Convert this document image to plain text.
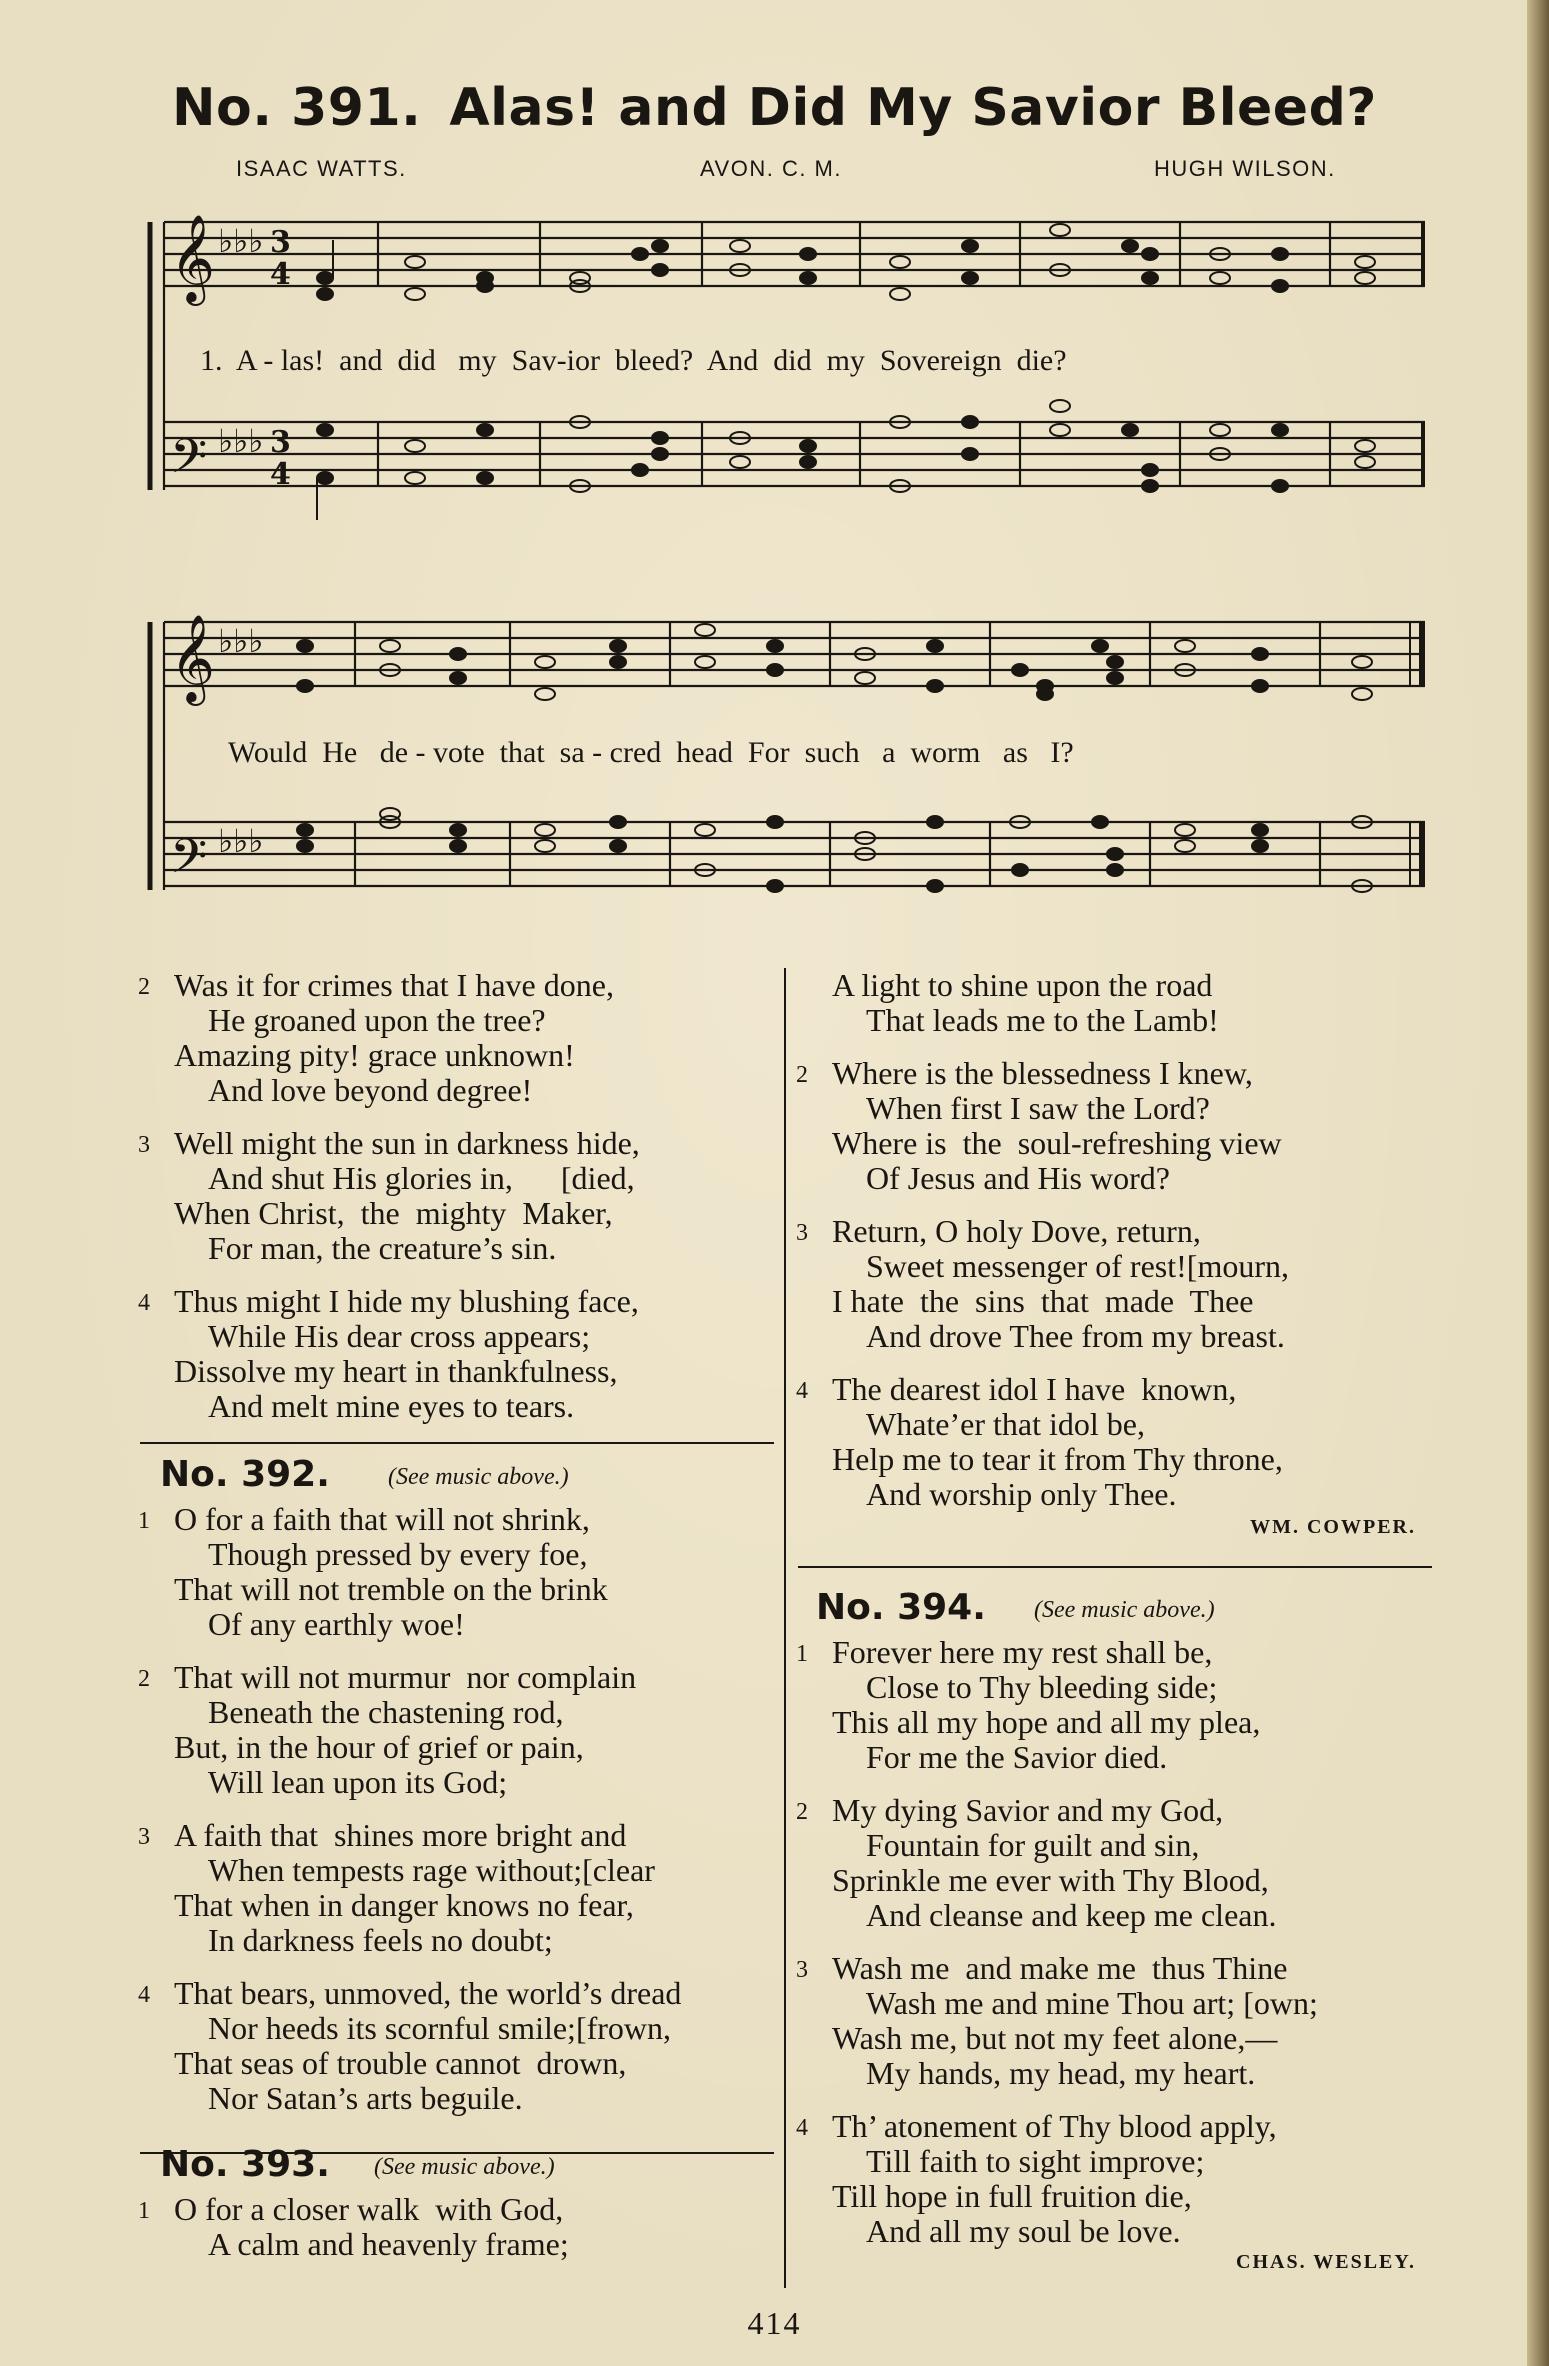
No. 391. Alas! and Did My Savior Bleed?
ISAAC WATTS.	AVON. C. M.	HUGH WILSON.
𝄞
𝄢
♭♭♭
♭♭♭
3
4
3
4
1.  A - las!  and  did   my  Sav-ior  bleed?  And  did  my  Sovereign  die?
𝄞
𝄢
♭♭♭
♭♭♭
Would  He   de - vote  that  sa - cred  head  For  such   a  worm   as   I?
2 Was it for crimes that I have done,
He groaned upon the tree?
Amazing pity! grace unknown!
And love beyond degree!
3 Well might the sun in darkness hide,
And shut His glories in,      [died,
When Christ,  the  mighty  Maker,
For man, the creature’s sin.
4 Thus might I hide my blushing face,
While His dear cross appears;
Dissolve my heart in thankfulness,
And melt mine eyes to tears.
No. 392. (See music above.)
1 O for a faith that will not shrink,
Though pressed by every foe,
That will not tremble on the brink
Of any earthly woe!
2 That will not murmur  nor complain
Beneath the chastening rod,
But, in the hour of grief or pain,
Will lean upon its God;
3 A faith that  shines more bright and
When tempests rage without;[clear
That when in danger knows no fear,
In darkness feels no doubt;
4 That bears, unmoved, the world’s dread
Nor heeds its scornful smile;[frown,
That seas of trouble cannot  drown,
Nor Satan’s arts beguile.
No. 393. (See music above.)
1 O for a closer walk  with God,
A calm and heavenly frame;
A light to shine upon the road
That leads me to the Lamb!
2 Where is the blessedness I knew,
When first I saw the Lord?
Where is  the  soul-refreshing view
Of Jesus and His word?
3 Return, O holy Dove, return,
Sweet messenger of rest![mourn,
I hate  the  sins  that  made  Thee
And drove Thee from my breast.
4 The dearest idol I have  known,
Whate’er that idol be,
Help me to tear it from Thy throne,
And worship only Thee.
WM. COWPER.
No. 394. (See music above.)
1 Forever here my rest shall be,
Close to Thy bleeding side;
This all my hope and all my plea,
For me the Savior died.
2 My dying Savior and my God,
Fountain for guilt and sin,
Sprinkle me ever with Thy Blood,
And cleanse and keep me clean.
3 Wash me  and make me  thus Thine
Wash me and mine Thou art; [own;
Wash me, but not my feet alone,—
My hands, my head, my heart.
4 Th’ atonement of Thy blood apply,
Till faith to sight improve;
Till hope in full fruition die,
And all my soul be love.
CHAS. WESLEY.
414
